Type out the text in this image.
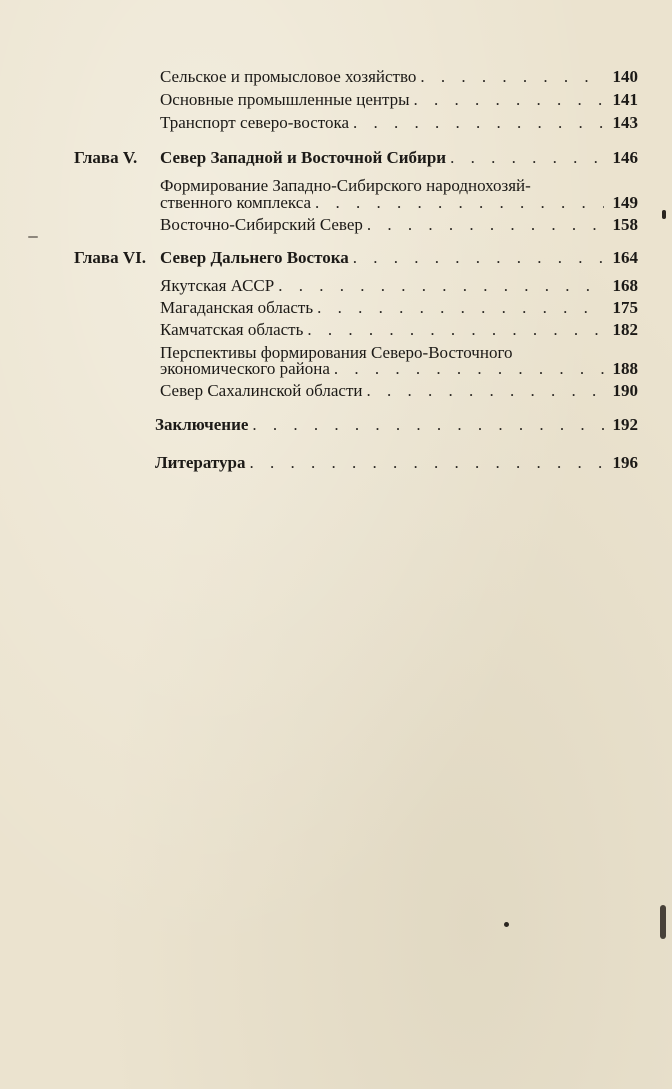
Сельское и промысловое хозяйство . . .	140
Основные промышленные центры . . .	141
Транспорт северо-востока . . .	143
Глава V. Север Западной и Восточной Сибири . . .	146
Формирование Западно-Сибирского народнохозяй-
ственного комплекса . . .	149
Восточно-Сибирский Север . . .	158
Глава VI. Север Дальнего Востока . . .	164
Якутская АССР . . .	168
Магаданская область . . .	175
Камчатская область . . .	182
Перспективы формирования Северо-Восточного
экономического района . . .	188
Север Сахалинской области . . .	190
Заключение . . .	192
Литература . . .	196
